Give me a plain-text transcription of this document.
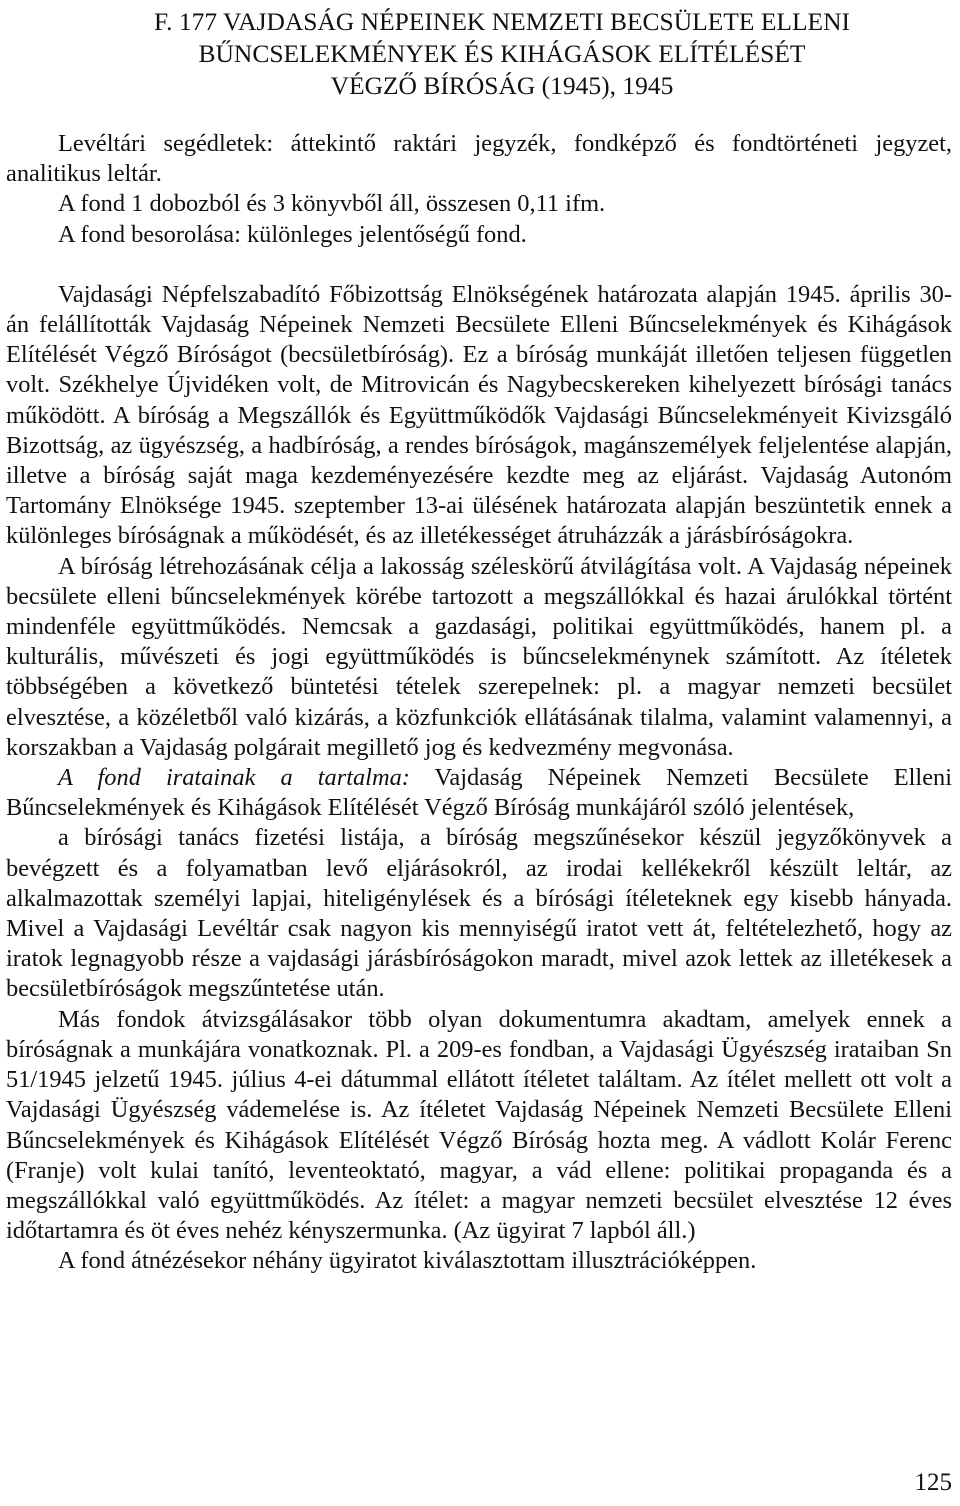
F. 177 VAJDASÁG NÉPEINEK NEMZETI BECSÜLETE ELLENI
BŰNCSELEKMÉNYEK ÉS KIHÁGÁSOK ELÍTÉLÉSÉT
VÉGZŐ BÍRÓSÁG (1945), 1945

Levéltári segédletek: áttekintő raktári jegyzék, fondképző és fondtörténeti jegyzet, analitikus leltár.

A fond 1 dobozból és 3 könyvből áll, összesen 0,11 ifm.

A fond besorolása: különleges jelentőségű fond.

Vajdasági Népfelszabadító Főbizottság Elnökségének határozata alapján 1945. április 30-án felállították Vajdaság Népeinek Nemzeti Becsülete Elleni Bűncselekmények és Kihágások Elítélését Végző Bíróságot (becsületbíróság). Ez a bíróság munkáját illetően teljesen független volt. Székhelye Újvidéken volt, de Mitrovicán és Nagybecskereken kihelyezett bírósági tanács működött. A bíróság a Megszállók és Együttműködők Vajdasági Bűncselekményeit Kivizsgáló Bizottság, az ügyészség, a hadbíróság, a rendes bíróságok, magánszemélyek feljelentése alapján, illetve a bíróság saját maga kezdeményezésére kezdte meg az eljárást. Vajdaság Autonóm Tartomány Elnöksége 1945. szeptember 13-ai ülésének határozata alapján beszüntetik ennek a különleges bíróságnak a működését, és az illetékességet átruházzák a járásbíróságokra.

A bíróság létrehozásának célja a lakosság széleskörű átvilágítása volt. A Vajdaság népeinek becsülete elleni bűncselekmények körébe tartozott a megszállókkal és hazai árulókkal történt mindenféle együttműködés. Nemcsak a gazdasági, politikai együttműködés, hanem pl. a kulturális, művészeti és jogi együttműködés is bűncselekménynek számított. Az ítéletek többségében a következő büntetési tételek szerepelnek: pl. a magyar nemzeti becsület elvesztése, a közéletből való kizárás, a közfunkciók ellátásának tilalma, valamint valamennyi, a korszakban a Vajdaság polgárait megillető jog és kedvezmény megvonása.

A fond iratainak a tartalma: Vajdaság Népeinek Nemzeti Becsülete Elleni Bűncselekmények és Kihágások Elítélését Végző Bíróság munkájáról szóló jelentések,

a bírósági tanács fizetési listája, a bíróság megszűnésekor készül jegyzőkönyvek a bevégzett és a folyamatban levő eljárásokról, az irodai kellékekről készült leltár, az alkalmazottak személyi lapjai, hiteligénylések és a bírósági ítéleteknek egy kisebb hányada. Mivel a Vajdasági Levéltár csak nagyon kis mennyiségű iratot vett át, feltételezhető, hogy az iratok legnagyobb része a vajdasági járásbíróságokon maradt, mivel azok lettek az illetékesek a becsületbíróságok megszűntetése után.

Más fondok átvizsgálásakor több olyan dokumentumra akadtam, amelyek ennek a bíróságnak a munkájára vonatkoznak. Pl. a 209-es fondban, a Vajdasági Ügyészség irataiban Sn 51/1945 jelzetű 1945. július 4-ei dátummal ellátott ítéletet találtam. Az ítélet mellett ott volt a Vajdasági Ügyészség vádemelése is. Az ítéletet Vajdaság Népeinek Nemzeti Becsülete Elleni Bűncselekmények és Kihágások Elítélését Végző Bíróság hozta meg. A vádlott Kolár Ferenc (Franje) volt kulai tanító, leventeoktató, magyar, a vád ellene: politikai propaganda és a megszállókkal való együttműködés. Az ítélet: a magyar nemzeti becsület elvesztése 12 éves időtartamra és öt éves nehéz kényszermunka. (Az ügyirat 7 lapból áll.)

A fond átnézésekor néhány ügyiratot kiválasztottam illusztrációképpen.

125
